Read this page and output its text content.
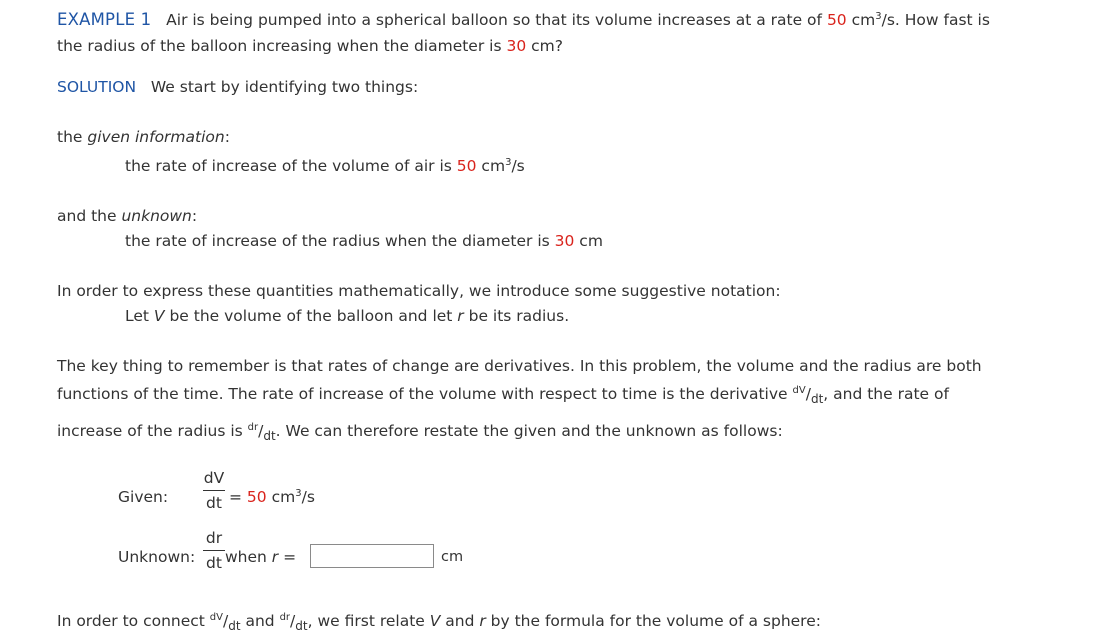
EXAMPLE 1 Air is being pumped into a spherical balloon so that its volume increases at a rate of 50 $cm^3/s$. How fast is
the radius of the balloon increasing when the diameter is 30 cm?
SOLUTION We start by identifying two things:
the given information:
the rate of increase of the volume of air is 50 $cm^3/s$
and the unknown:
the rate of increase of the radius when the diameter is 30 cm
In order to express these quantities mathematically, we introduce some suggestive notation:
Let V be the volume of the balloon and let r be its radius.
The key thing to remember is that rates of change are derivatives. In this problem, the volume and the radius are both
functions of the time. The rate of increase of the volume with respect to time is the derivative $^{dV}/_{dt}$, and the rate of
increase of the radius is $^{dr}/_{dt}$. We can therefore restate the given and the unknown as follows:
Given:
dV
dt = 50 $cm^3/s$
Unknown:
dr
dt when r =	cm
In order to connect $^{dV}/_{dt}$ and $^{dr}/_{dt}$, we first relate V and r by the formula for the volume of a sphere:
